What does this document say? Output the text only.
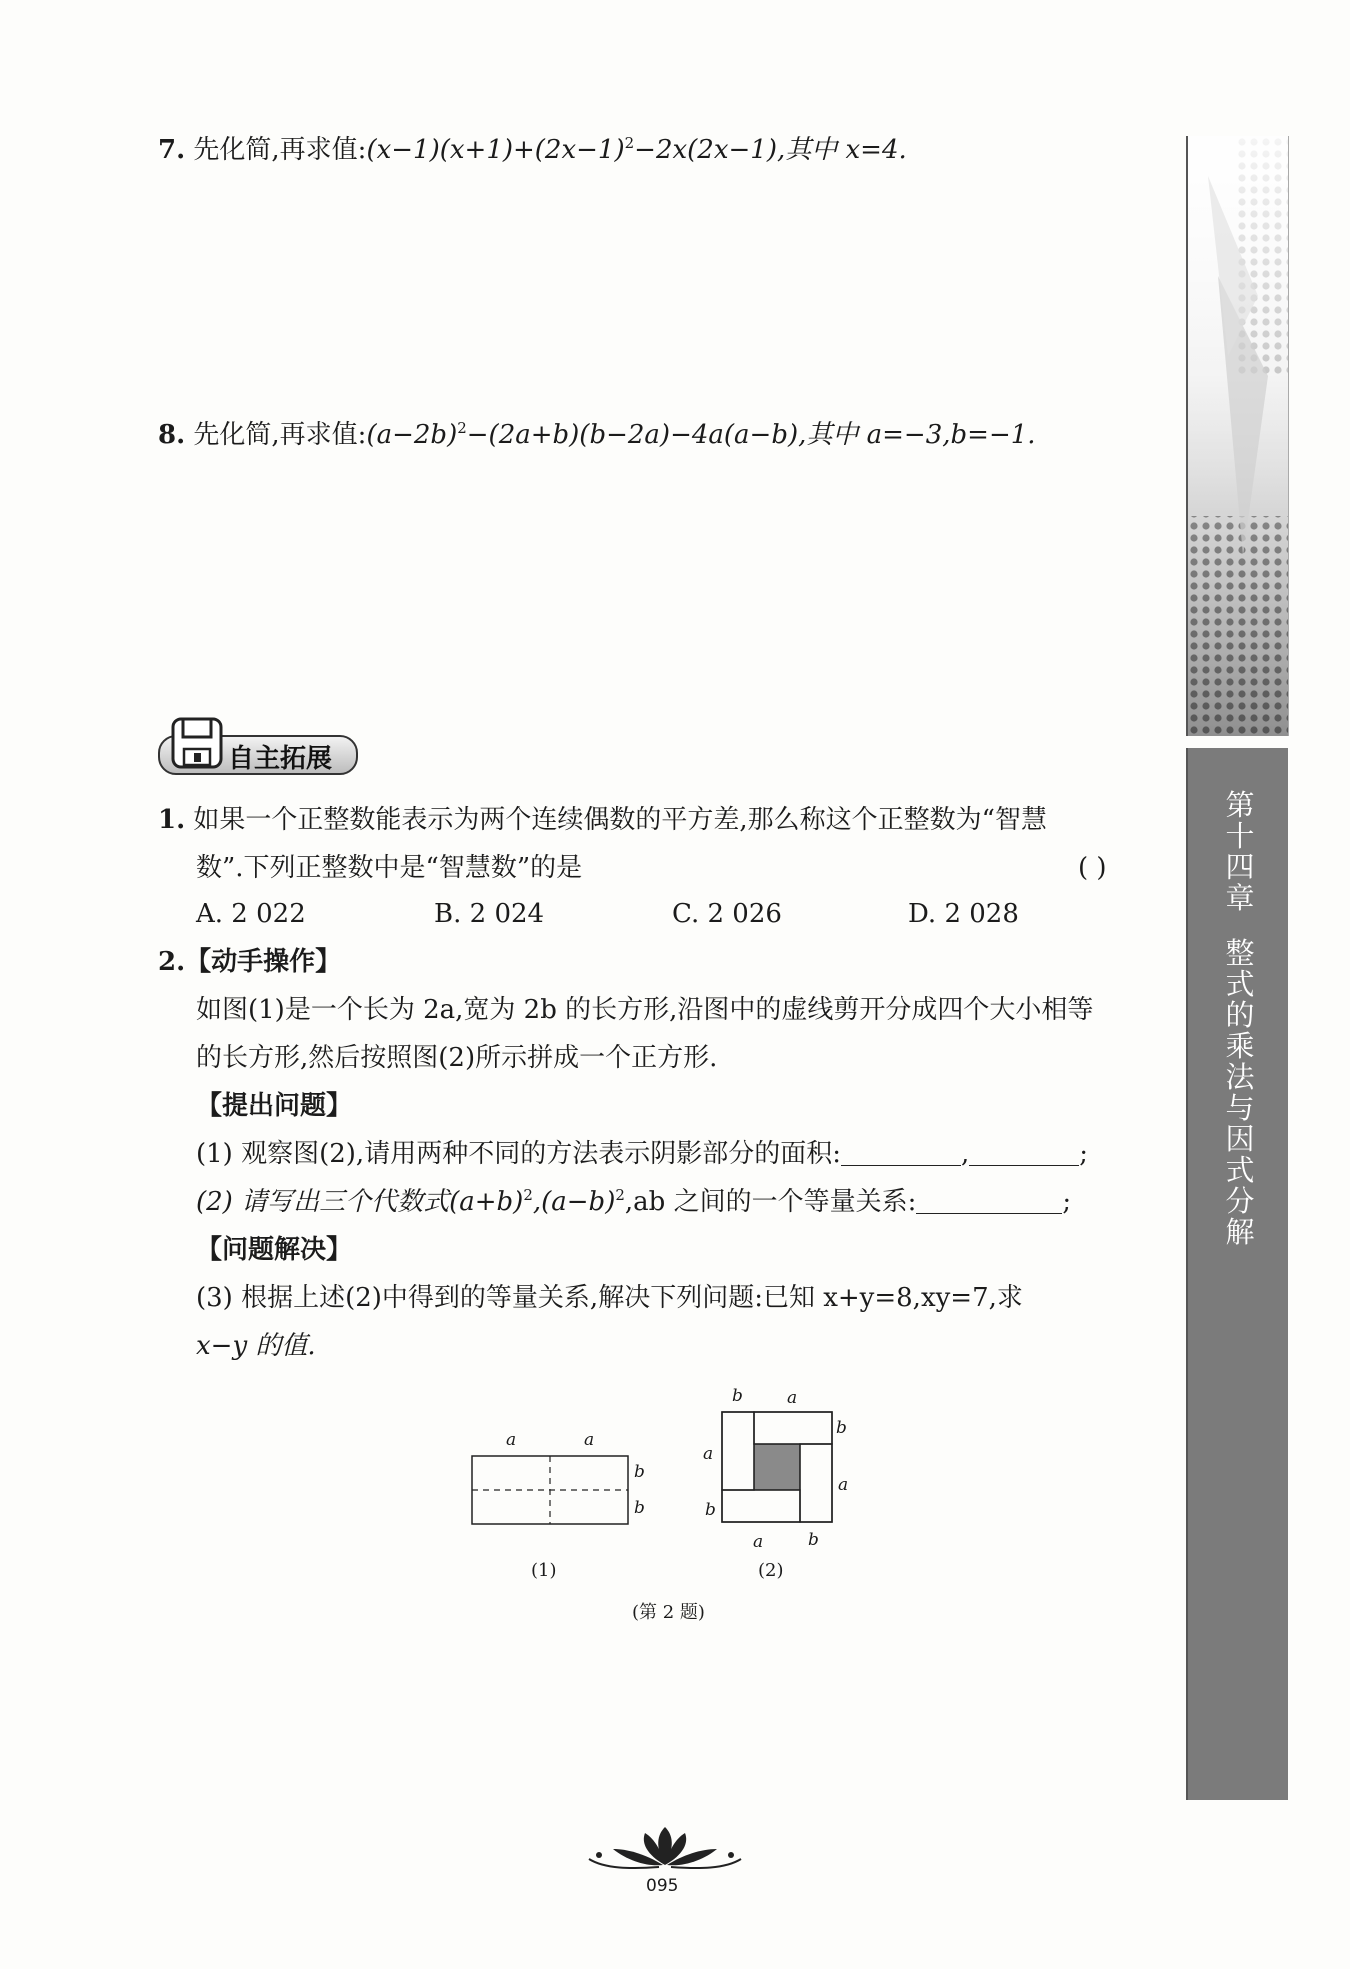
7. 先化简,再求值$:(x-1)(x+1)+(2x-1)^2-2x(2x-1)$,其中 x=4.
8. 先化简,再求值$:(a-2b)^2-(2a+b)(b-2a)-4a(a-b)$,其中 a=−3,b=−1.
自主拓展
1. 如果一个正整数能表示为两个连续偶数的平方差,那么称这个正整数为“智慧
数”.下列正整数中是“智慧数”的是	( )
A. 2 022	B. 2 024	C. 2 026	D. 2 028
2.【动手操作】
如图(1)是一个长为 2a,宽为 2b 的长方形,沿图中的虚线剪开分成四个大小相等
的长方形,然后按照图(2)所示拼成一个正方形.
【提出问题】
(1) 观察图(2),请用两种不同的方法表示阴影部分的面积:	,	;
(2) 请写出三个代数式$(a+b)^2,(a-b)^2,ab$ 之间的一个等量关系:	;
【问题解决】
(3) 根据上述(2)中得到的等量关系,解决下列问题:已知 x+y=8,xy=7,求
x−y 的值.
a	a
b
b
(1)
b	a
b
a
a
b
a	b
(2)
(第 2 题)
第
十
四
章
整
式
的
乘
法
与
因
式
分
解
095
